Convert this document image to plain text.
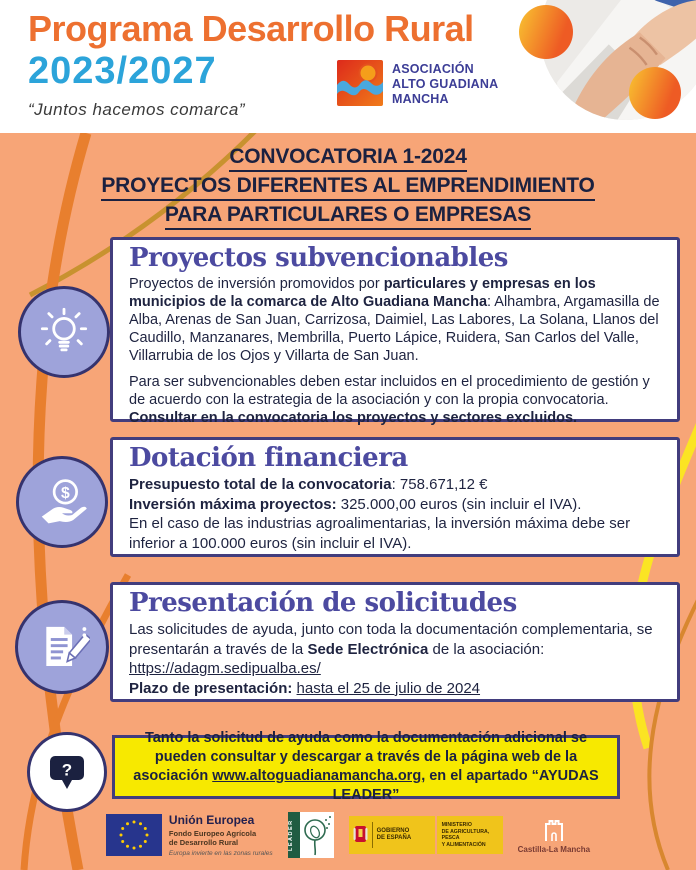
Programa Desarrollo Rural
2023/2027
“Juntos hacemos comarca”
ASOCIACIÓN
ALTO GUADIANA
MANCHA
CONVOCATORIA 1-2024
PROYECTOS DIFERENTES AL EMPRENDIMIENTO
PARA PARTICULARES O EMPRESAS
Proyectos subvencionables

Proyectos de inversión promovidos por particulares y empresas en los municipios de la comarca de Alto Guadiana Mancha: Alhambra, Argamasilla de Alba, Arenas de San Juan, Carrizosa, Daimiel, Las Labores, La Solana, Llanos del Caudillo, Manzanares, Membrilla, Puerto Lápice, Ruidera, San Carlos del Valle, Villarrubia de los Ojos y Villarta de San Juan.

Para ser subvencionables deben estar incluidos en el procedimiento de gestión y de acuerdo con la estrategia de la asociación y con la propia convocatoria.

Consultar en la convocatoria los proyectos y sectores excluidos.

Dotación financiera

Presupuesto total de la convocatoria: 758.671,12 €

Inversión máxima proyectos: 325.000,00 euros (sin incluir el IVA).

En el caso de las industrias agroalimentarias, la inversión máxima debe ser inferior a 100.000 euros (sin incluir el IVA).

$
Presentación de solicitudes

Las solicitudes de ayuda, junto con toda la documentación complementaria, se presentarán a través de la Sede Electrónica de la asociación: https://adagm.sedipualba.es/

Plazo de presentación: hasta el 25 de julio de 2024

Tanto la solicitud de ayuda como la documentación adicional se pueden consultar y descargar a través de la página web de la asociación www.altoguadianamancha.org, en el apartado “AYUDAS LEADER”
?
Unión Europea
Fondo Europeo Agrícola
de Desarrollo Rural
Europa invierte en las zonas rurales
LEADER	GOBIERNO
DE ESPAÑA
MINISTERIO
DE AGRICULTURA, PESCA
Y ALIMENTACIÓN
Castilla-La Mancha
